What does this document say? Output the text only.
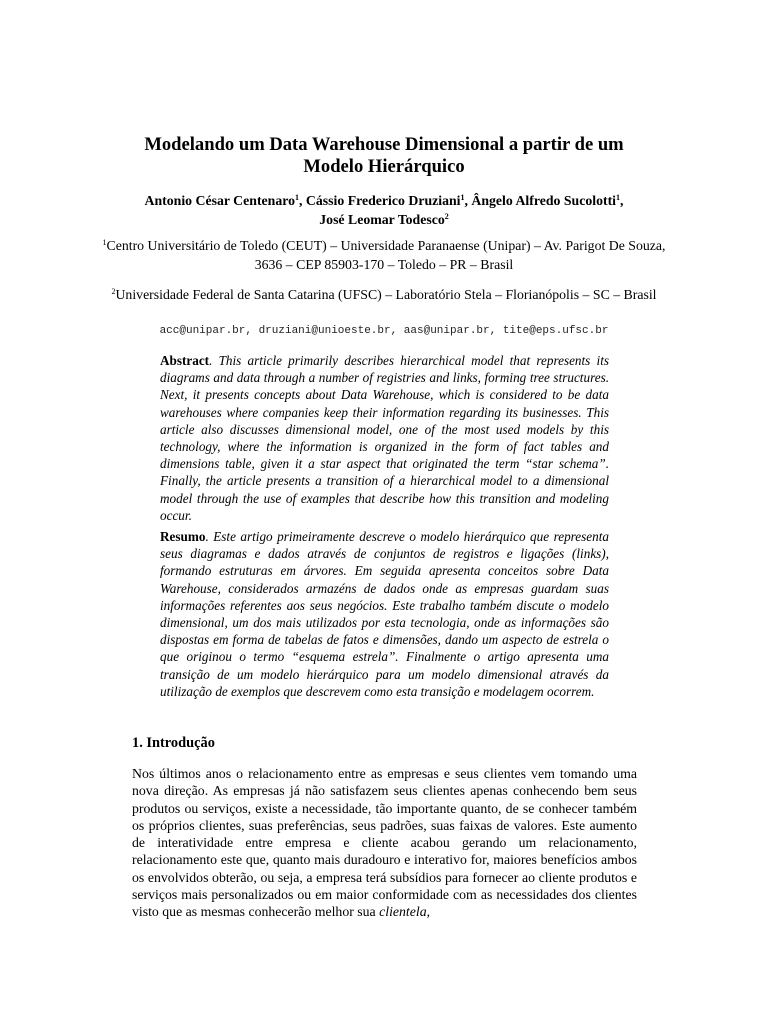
Modelando um Data Warehouse Dimensional a partir de um Modelo Hierárquico
Antonio César Centenaro$^1$, Cássio Frederico Druziani$^1$, Ângelo Alfredo Sucolotti$^1$,
José Leomar Todesco$^2$
$^1$Centro Universitário de Toledo (CEUT) – Universidade Paranaense (Unipar) – Av. Parigot De Souza, 3636 – CEP 85903-170 – Toledo – PR – Brasil
$^2$Universidade Federal de Santa Catarina (UFSC) – Laboratório Stela – Florianópolis – SC – Brasil
acc@unipar.br, druziani@unioeste.br, aas@unipar.br, tite@eps.ufsc.br
Abstract. This article primarily describes hierarchical model that represents its diagrams and data through a number of registries and links, forming tree structures. Next, it presents concepts about Data Warehouse, which is considered to be data warehouses where companies keep their information regarding its businesses. This article also discusses dimensional model, one of the most used models by this technology, where the information is organized in the form of fact tables and dimensions table, given it a star aspect that originated the term “star schema”. Finally, the article presents a transition of a hierarchical model to a dimensional model through the use of examples that describe how this transition and modeling occur.
Resumo. Este artigo primeiramente descreve o modelo hierárquico que representa seus diagramas e dados através de conjuntos de registros e ligações (links), formando estruturas em árvores. Em seguida apresenta conceitos sobre Data Warehouse, considerados armazéns de dados onde as empresas guardam suas informações referentes aos seus negócios. Este trabalho também discute o modelo dimensional, um dos mais utilizados por esta tecnologia, onde as informações são dispostas em forma de tabelas de fatos e dimensões, dando um aspecto de estrela o que originou o termo “esquema estrela”. Finalmente o artigo apresenta uma transição de um modelo hierárquico para um modelo dimensional através da utilização de exemplos que descrevem como esta transição e modelagem ocorrem.
1. Introdução
Nos últimos anos o relacionamento entre as empresas e seus clientes vem tomando uma nova direção. As empresas já não satisfazem seus clientes apenas conhecendo bem seus produtos ou serviços, existe a necessidade, tão importante quanto, de se conhecer também os próprios clientes, suas preferências, seus padrões, suas faixas de valores. Este aumento de interatividade entre empresa e cliente acabou gerando um relacionamento, relacionamento este que, quanto mais duradouro e interativo for, maiores benefícios ambos os envolvidos obterão, ou seja, a empresa terá subsídios para fornecer ao cliente produtos e serviços mais personalizados ou em maior conformidade com as necessidades dos clientes visto que as mesmas conhecerão melhor sua clientela,
